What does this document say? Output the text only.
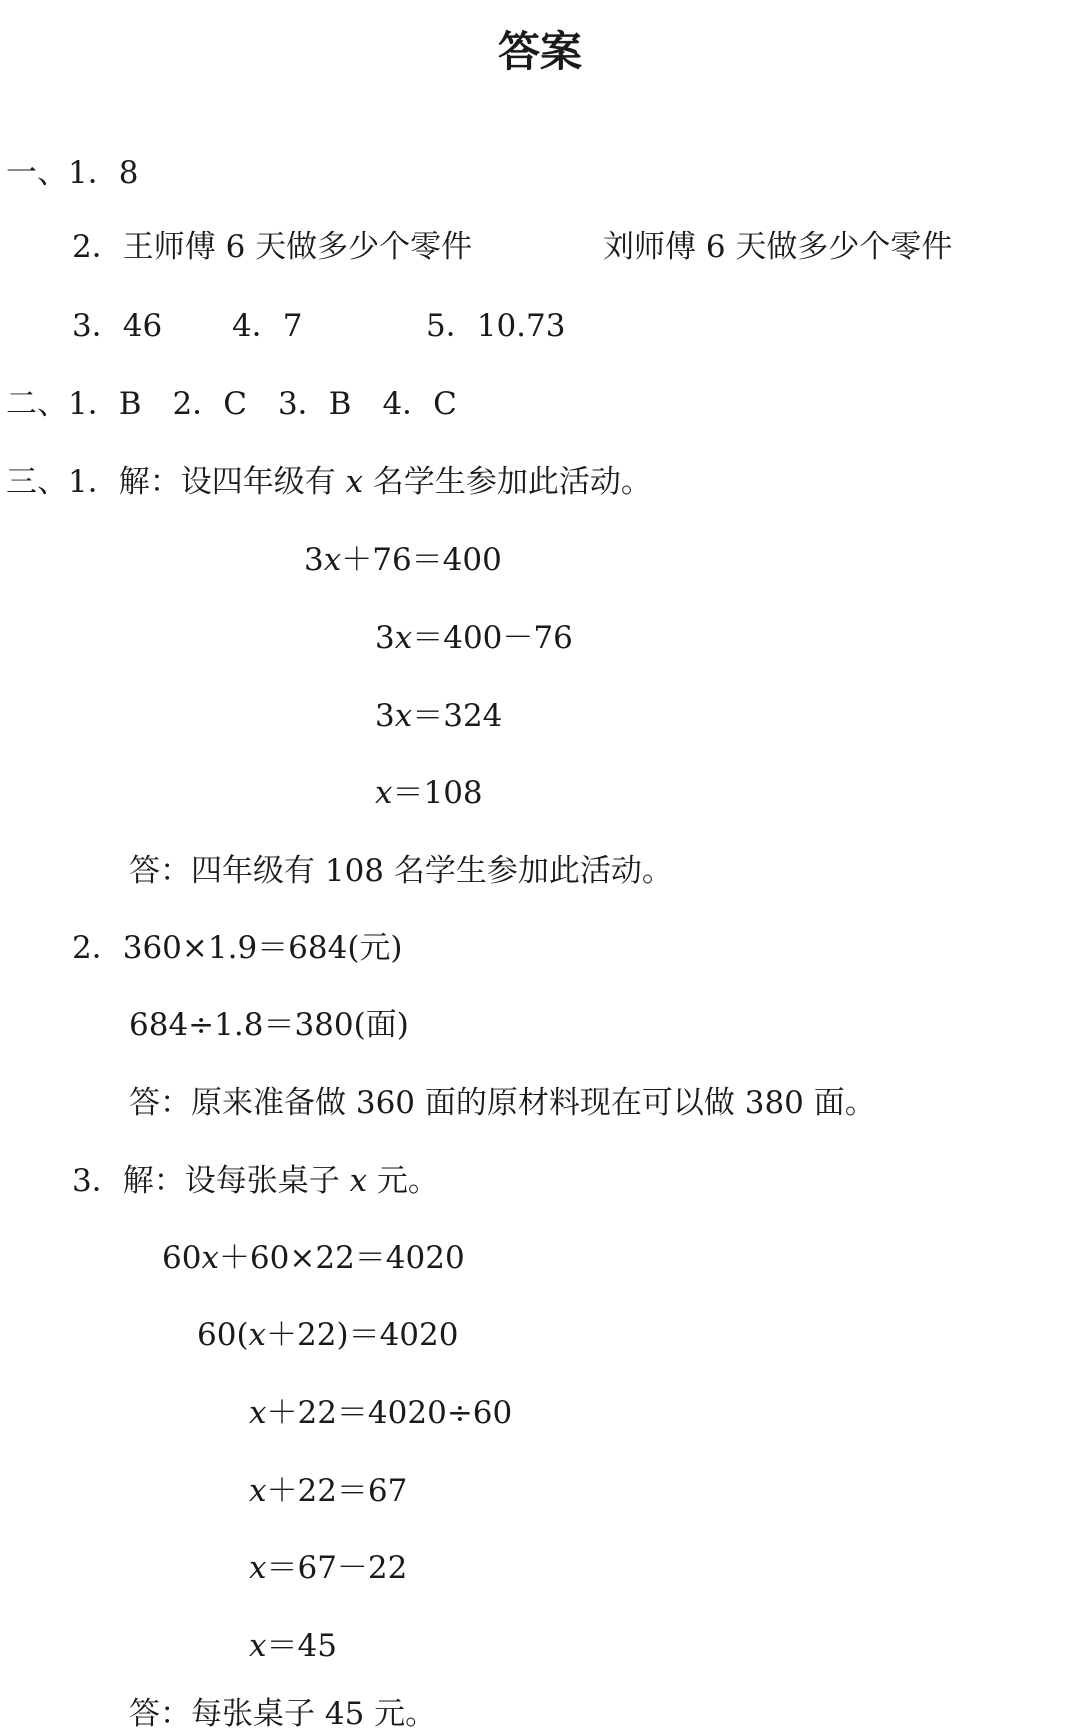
答案
一、1．8
2．王师傅 6 天做多少个零件	刘师傅 6 天做多少个零件
3．46 4．7	5．10.73
二、1．B　2．C　3．B　4．C
三、1．解：设四年级有 x 名学生参加此活动。
3x＋76＝400
3x＝400－76
3x＝324
x＝108
答：四年级有 108 名学生参加此活动。
2．360×1.9＝684(元)
684÷1.8＝380(面)
答：原来准备做 360 面的原材料现在可以做 380 面。
3．解：设每张桌子 x 元。
60x＋60×22＝4020
60(x＋22)＝4020
x＋22＝4020÷60
x＋22＝67
x＝67－22
x＝45
答：每张桌子 45 元。
